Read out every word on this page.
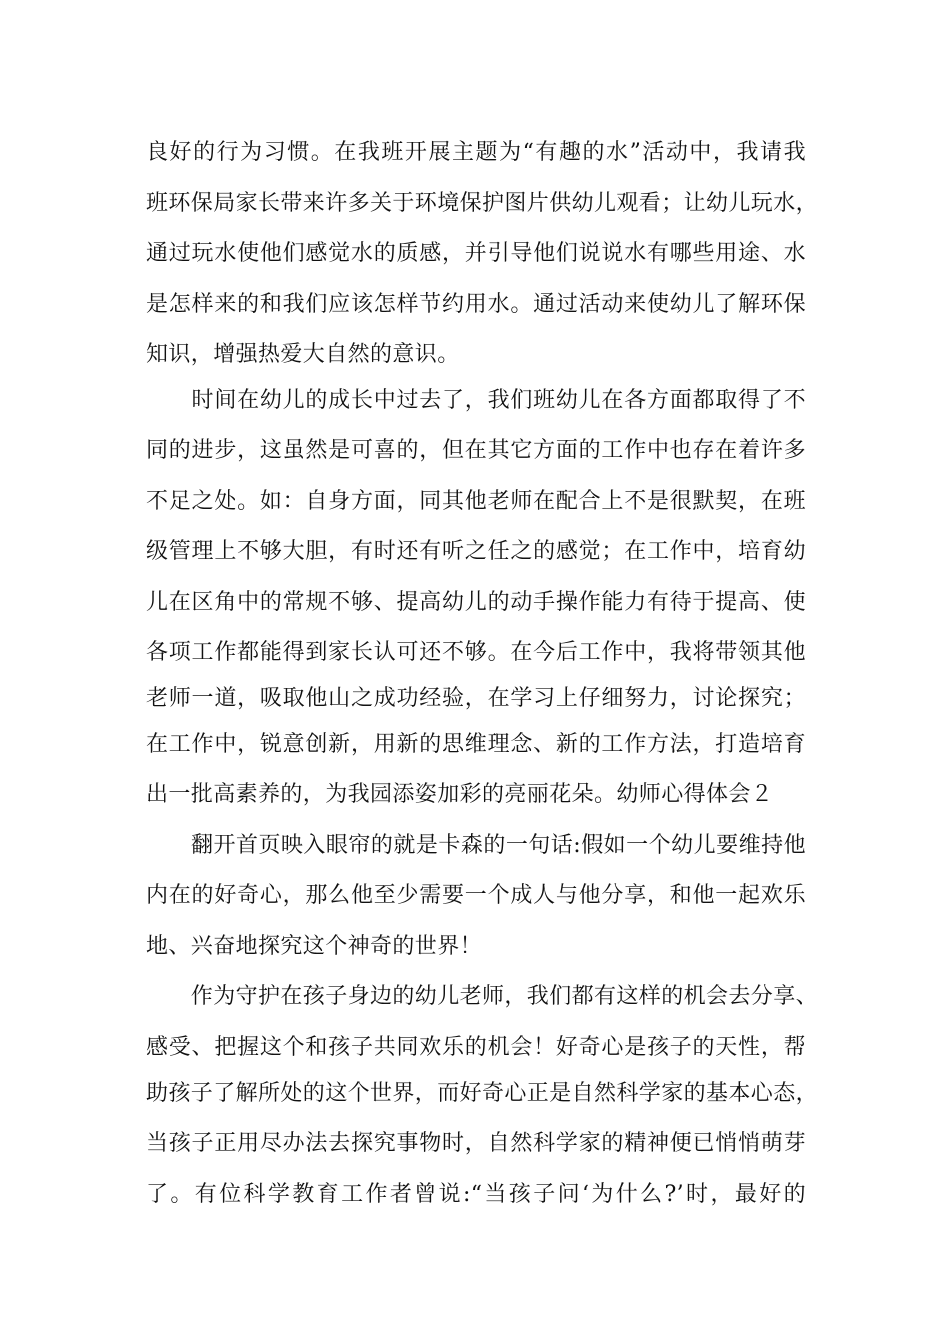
良好的行为习惯。在我班开展主题为“有趣的水”活动中，我请我
班环保局家长带来许多关于环境保护图片供幼儿观看；让幼儿玩水，
通过玩水使他们感觉水的质感，并引导他们说说水有哪些用途、水
是怎样来的和我们应该怎样节约用水。通过活动来使幼儿了解环保
知识，增强热爱大自然的意识。
　　时间在幼儿的成长中过去了，我们班幼儿在各方面都取得了不
同的进步，这虽然是可喜的，但在其它方面的工作中也存在着许多
不足之处。如：自身方面，同其他老师在配合上不是很默契，在班
级管理上不够大胆，有时还有听之任之的感觉；在工作中，培育幼
儿在区角中的常规不够、提高幼儿的动手操作能力有待于提高、使
各项工作都能得到家长认可还不够。在今后工作中，我将带领其他
老师一道，吸取他山之成功经验，在学习上仔细努力，讨论探究；
在工作中，锐意创新，用新的思维理念、新的工作方法，打造培育
出一批高素养的，为我园添姿加彩的亮丽花朵。幼师心得体会２
　　翻开首页映入眼帘的就是卡森的一句话:假如一个幼儿要维持他
内在的好奇心，那么他至少需要一个成人与他分享，和他一起欢乐
地、兴奋地探究这个神奇的世界！
　　作为守护在孩子身边的幼儿老师，我们都有这样的机会去分享、
感受、把握这个和孩子共同欢乐的机会！好奇心是孩子的天性，帮
助孩子了解所处的这个世界，而好奇心正是自然科学家的基本心态，
当孩子正用尽办法去探究事物时，自然科学家的精神便已悄悄萌芽
了。有位科学教育工作者曾说:“当孩子问‘为什么?’时，最好的
